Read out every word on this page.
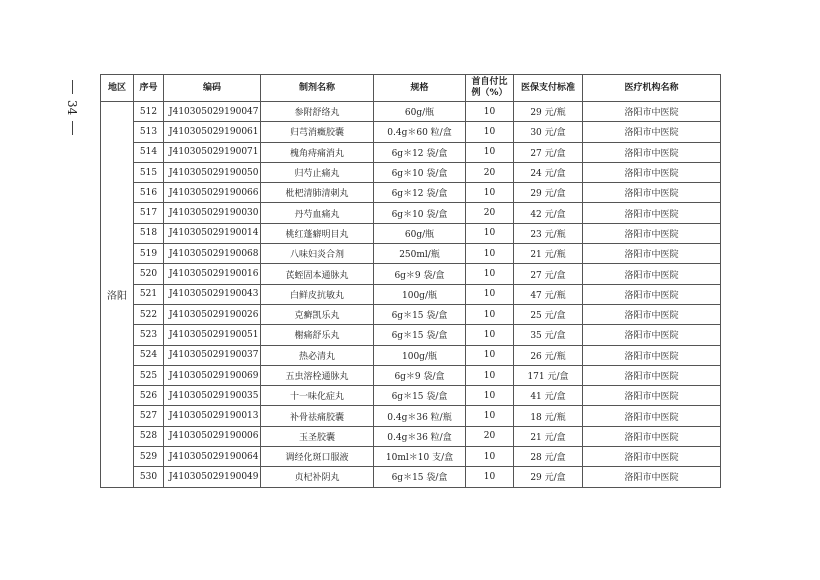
34
地区	序号	编码	制剂名称	规格	首自付比例（%）	医保支付标准	医疗机构名称
洛阳	512	J410305029190047	参附舒络丸	60g/瓶	10	29 元/瓶	洛阳市中医院
	513	J410305029190061	归芎消癥胶囊	0.4g＊60 粒/盒	10	30 元/盒	洛阳市中医院
	514	J410305029190071	槐角痔痛消丸	6g＊12 袋/盒	10	27 元/盒	洛阳市中医院
	515	J410305029190050	归芍止痛丸	6g＊10 袋/盒	20	24 元/盒	洛阳市中医院
	516	J410305029190066	枇杷清肺清刺丸	6g＊12 袋/盒	10	29 元/盒	洛阳市中医院
	517	J410305029190030	丹芍血痛丸	6g＊10 袋/盒	20	42 元/盒	洛阳市中医院
	518	J410305029190014	桃红蓬癖明目丸	60g/瓶	10	23 元/瓶	洛阳市中医院
	519	J410305029190068	八味妇炎合剂	250ml/瓶	10	21 元/瓶	洛阳市中医院
	520	J410305029190016	芪蛭固本通脉丸	6g＊9 袋/盒	10	27 元/盒	洛阳市中医院
	521	J410305029190043	白鲜皮抗敏丸	100g/瓶	10	47 元/瓶	洛阳市中医院
	522	J410305029190026	克癣凯乐丸	6g＊15 袋/盒	10	25 元/盒	洛阳市中医院
	523	J410305029190051	榭痛舒乐丸	6g＊15 袋/盒	10	35 元/盒	洛阳市中医院
	524	J410305029190037	热必清丸	100g/瓶	10	26 元/瓶	洛阳市中医院
	525	J410305029190069	五虫溶栓通脉丸	6g＊9 袋/盒	10	171 元/盒	洛阳市中医院
	526	J410305029190035	十一味化症丸	6g＊15 袋/盒	10	41 元/盒	洛阳市中医院
	527	J410305029190013	补骨祛痛胶囊	0.4g＊36 粒/瓶	10	18 元/瓶	洛阳市中医院
	528	J410305029190006	玉圣胶囊	0.4g＊36 粒/盒	20	21 元/盒	洛阳市中医院
	529	J410305029190064	调经化斑口服液	10ml＊10 支/盒	10	28 元/盒	洛阳市中医院
	530	J410305029190049	贞杞补阴丸	6g＊15 袋/盒	10	29 元/盒	洛阳市中医院
